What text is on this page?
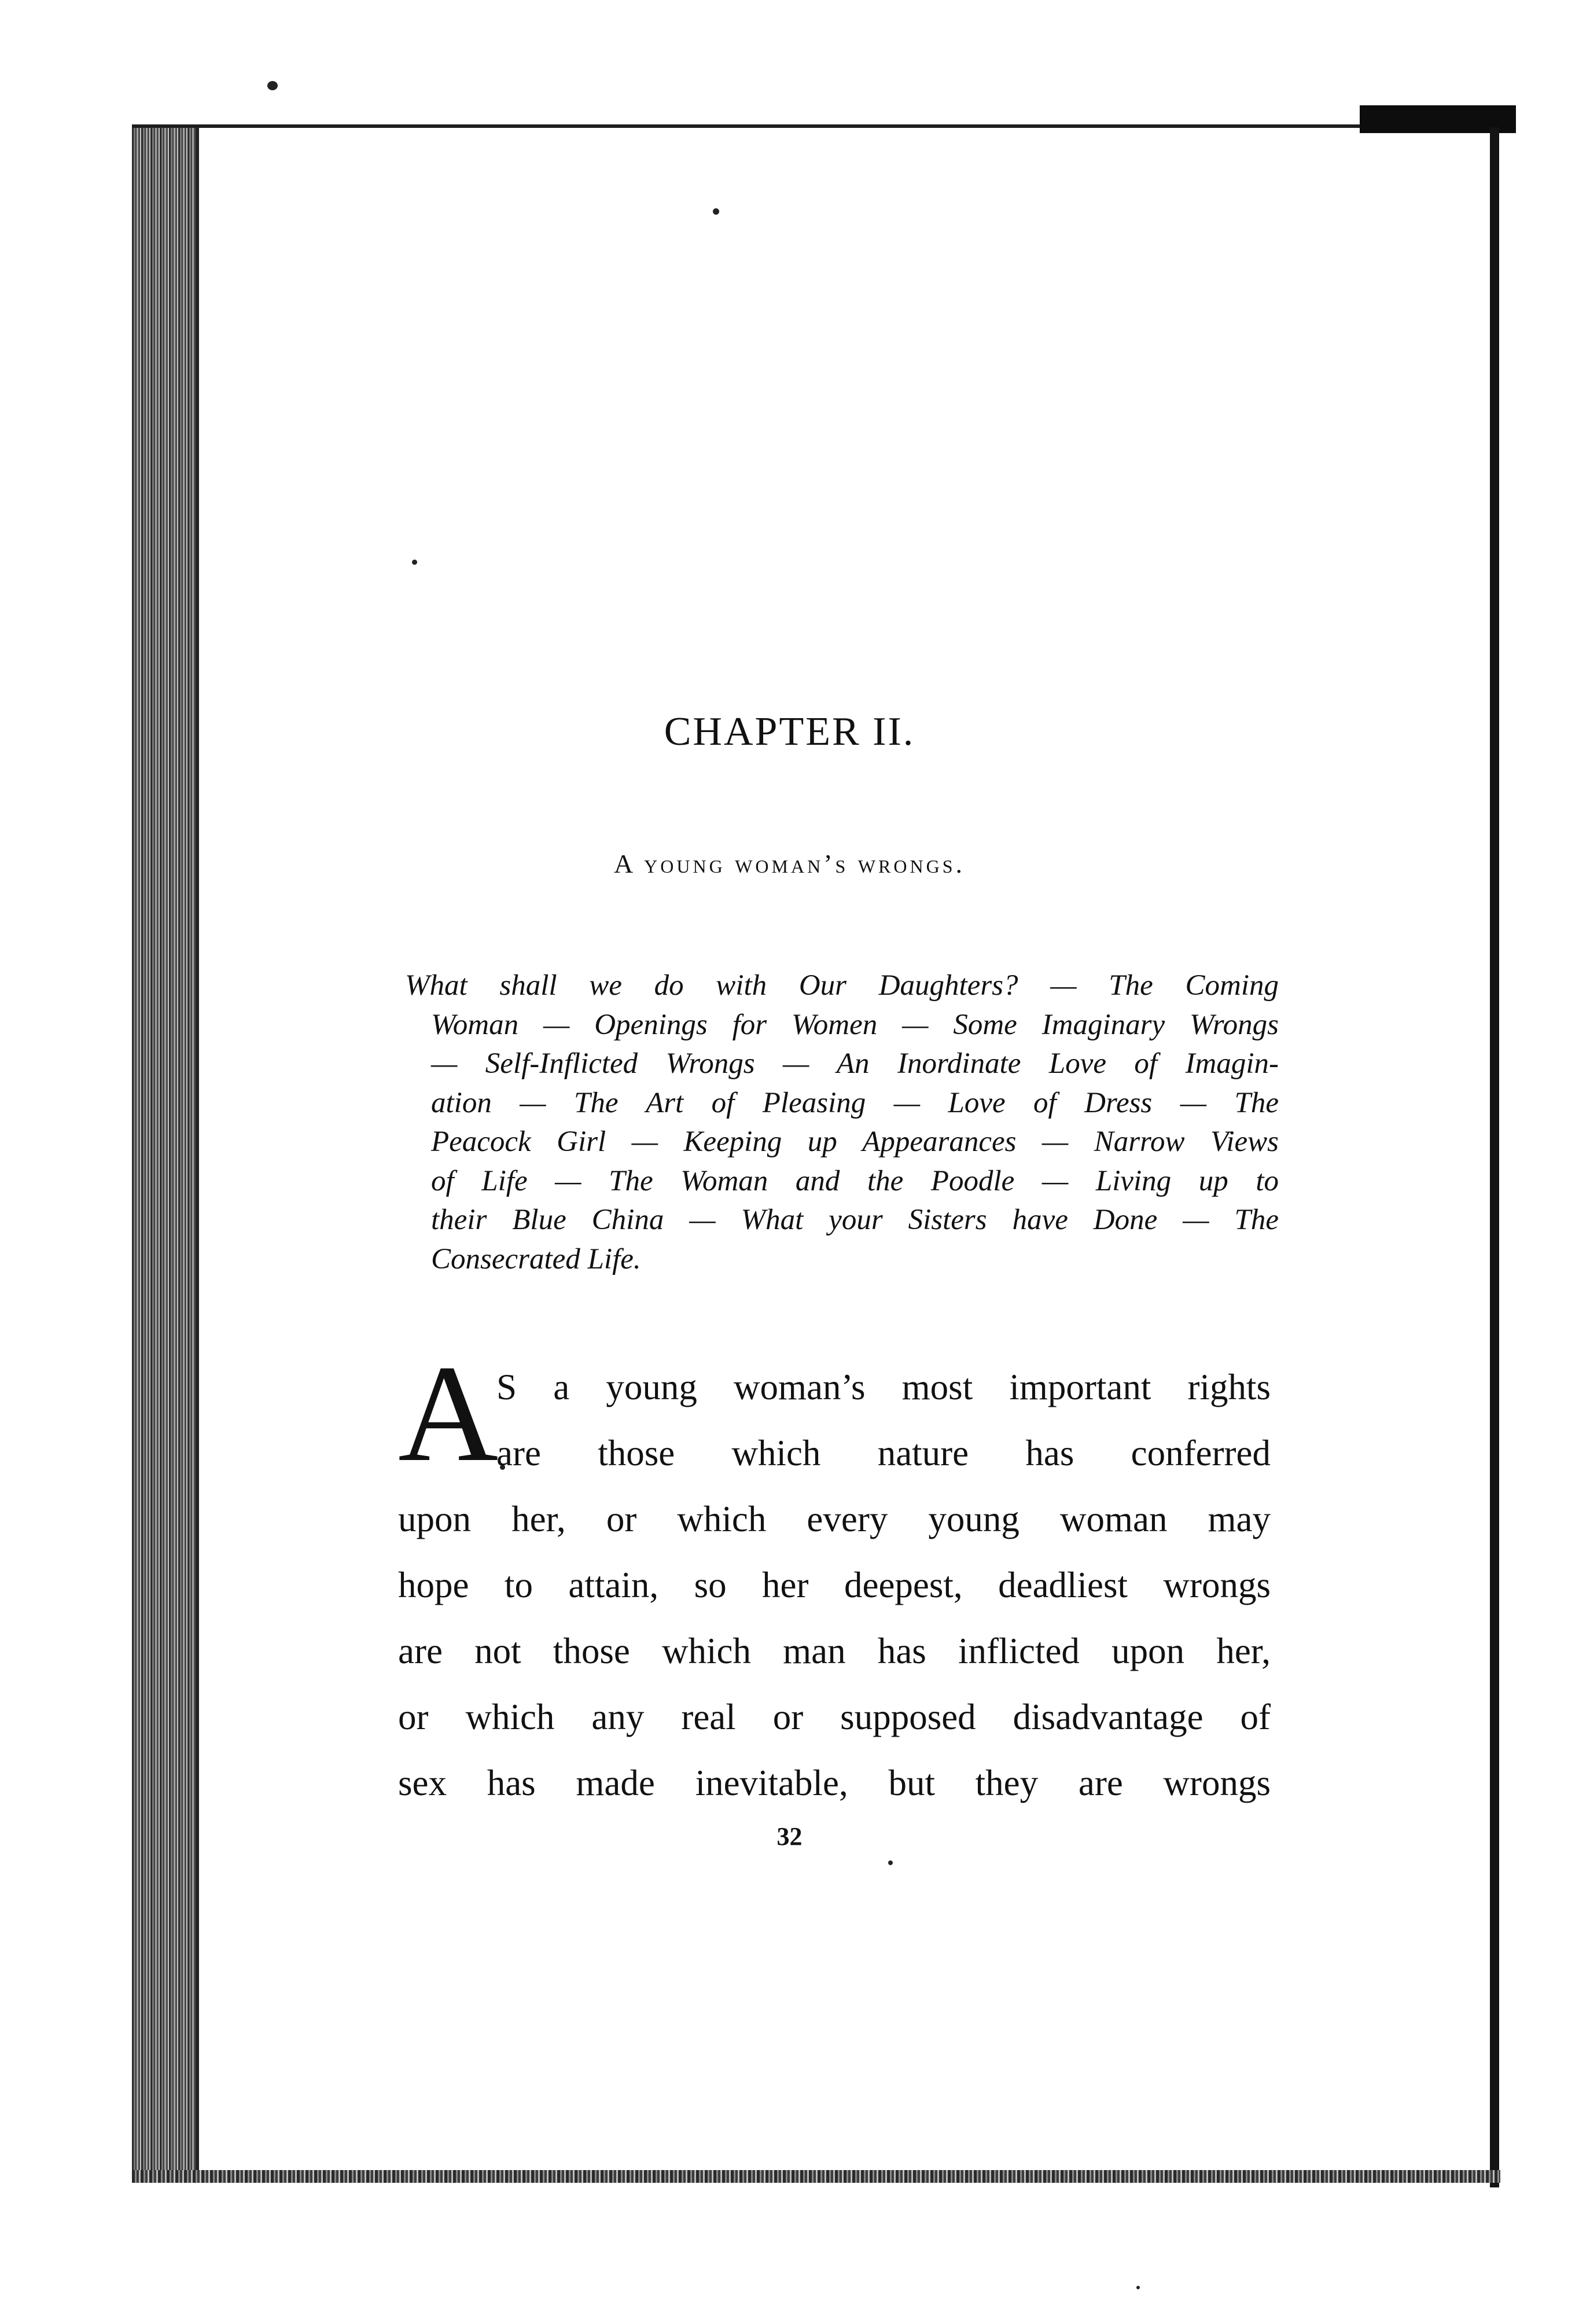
CHAPTER II.
A young woman’s wrongs.
What shall we do with Our Daughters? — The Coming
Woman — Openings for Women — Some Imaginary Wrongs
— Self-Inflicted Wrongs — An Inordinate Love of Imagin-
ation — The Art of Pleasing — Love of Dress — The
Peacock Girl — Keeping up Appearances — Narrow Views
of Life — The Woman and the Poodle — Living up to
their Blue China — What your Sisters have Done — The
Consecrated Life.
A
S a young woman’s most important rights
are those which nature has conferred
upon her, or which every young woman may
hope to attain, so her deepest, deadliest wrongs
are not those which man has inflicted upon her,
or which any real or supposed disadvantage of
sex has made inevitable, but they are wrongs
32
